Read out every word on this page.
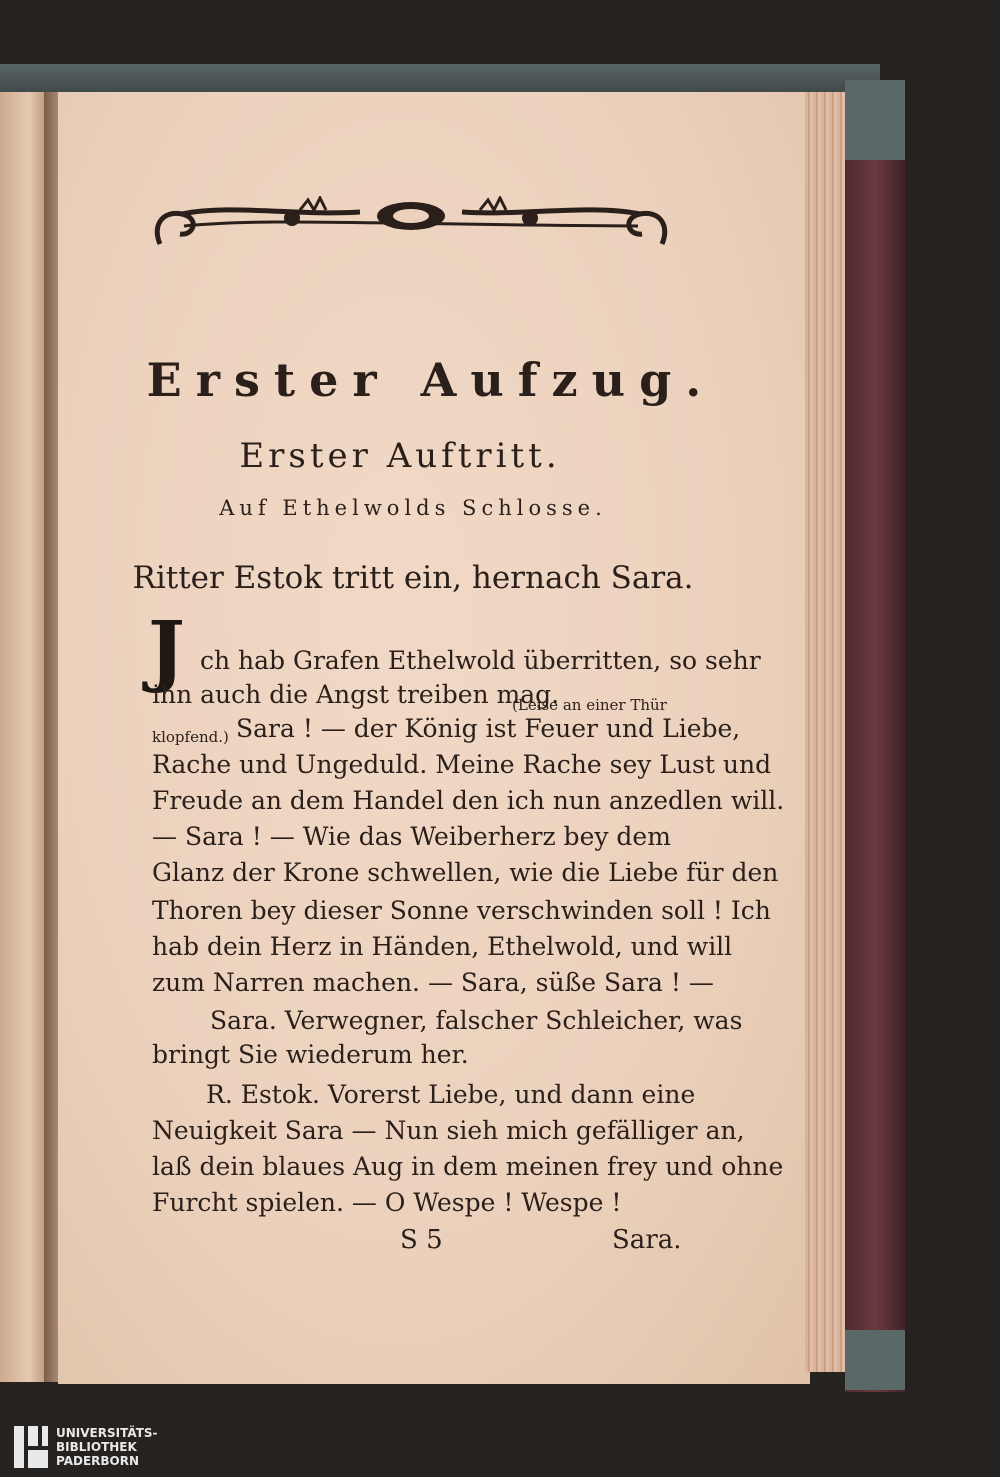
Erster Aufzug.
Erster Auftritt.
Auf Ethelwolds Schlosse.
Ritter Estok tritt ein, hernach Sara.
J ch hab Grafen Ethelwold überritten, so sehr
ihn auch die Angst treiben mag.
(Leise an einer Thür
klopfend.) Sara ! — der König ist Feuer und Liebe,
Rache und Ungeduld. Meine Rache sey Lust und
Freude an dem Handel den ich nun anzedlen will.
— Sara ! — Wie das Weiberherz bey dem
Glanz der Krone schwellen, wie die Liebe für den
Thoren bey dieser Sonne verschwinden soll ! Ich
hab dein Herz in Händen, Ethelwold, und will
zum Narren machen. — Sara, süße Sara ! —
Sara. Verwegner, falscher Schleicher, was
bringt Sie wiederum her.
R. Estok. Vorerst Liebe, und dann eine
Neuigkeit Sara — Nun sieh mich gefälliger an,
laß dein blaues Aug in dem meinen frey und ohne
Furcht spielen. — O Wespe ! Wespe !
S 5	Sara.
UNIVERSITÄTS-
BIBLIOTHEK
PADERBORN
